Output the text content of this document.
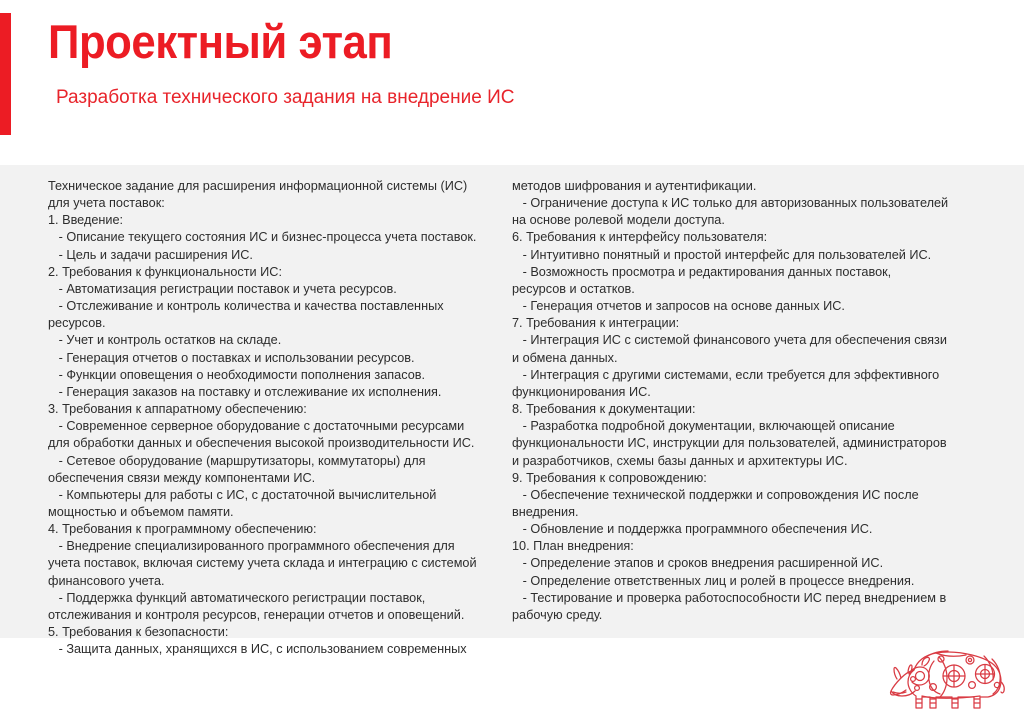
Проектный этап
Разработка технического задания на внедрение ИС
Техническое задание для расширения информационной системы (ИС)
для учета поставок:
1. Введение:
- Описание текущего состояния ИС и бизнес-процесса учета поставок.
- Цель и задачи расширения ИС.
2. Требования к функциональности ИС:
- Автоматизация регистрации поставок и учета ресурсов.
- Отслеживание и контроль количества и качества поставленных
ресурсов.
- Учет и контроль остатков на складе.
- Генерация отчетов о поставках и использовании ресурсов.
- Функции оповещения о необходимости пополнения запасов.
- Генерация заказов на поставку и отслеживание их исполнения.
3. Требования к аппаратному обеспечению:
- Современное серверное оборудование с достаточными ресурсами
для обработки данных и обеспечения высокой производительности ИС.
- Сетевое оборудование (маршрутизаторы, коммутаторы) для
обеспечения связи между компонентами ИС.
- Компьютеры для работы с ИС, с достаточной вычислительной
мощностью и объемом памяти.
4. Требования к программному обеспечению:
- Внедрение специализированного программного обеспечения для
учета поставок, включая систему учета склада и интеграцию с системой
финансового учета.
- Поддержка функций автоматического регистрации поставок,
отслеживания и контроля ресурсов, генерации отчетов и оповещений.
5. Требования к безопасности:
- Защита данных, хранящихся в ИС, с использованием современных
методов шифрования и аутентификации.
- Ограничение доступа к ИС только для авторизованных пользователей
на основе ролевой модели доступа.
6. Требования к интерфейсу пользователя:
- Интуитивно понятный и простой интерфейс для пользователей ИС.
- Возможность просмотра и редактирования данных поставок,
ресурсов и остатков.
- Генерация отчетов и запросов на основе данных ИС.
7. Требования к интеграции:
- Интеграция ИС с системой финансового учета для обеспечения связи
и обмена данных.
- Интеграция с другими системами, если требуется для эффективного
функционирования ИС.
8. Требования к документации:
- Разработка подробной документации, включающей описание
функциональности ИС, инструкции для пользователей, администраторов
и разработчиков, схемы базы данных и архитектуры ИС.
9. Требования к сопровождению:
- Обеспечение технической поддержки и сопровождения ИС после
внедрения.
- Обновление и поддержка программного обеспечения ИС.
10. План внедрения:
- Определение этапов и сроков внедрения расширенной ИС.
- Определение ответственных лиц и ролей в процессе внедрения.
- Тестирование и проверка работоспособности ИС перед внедрением в
рабочую среду.
